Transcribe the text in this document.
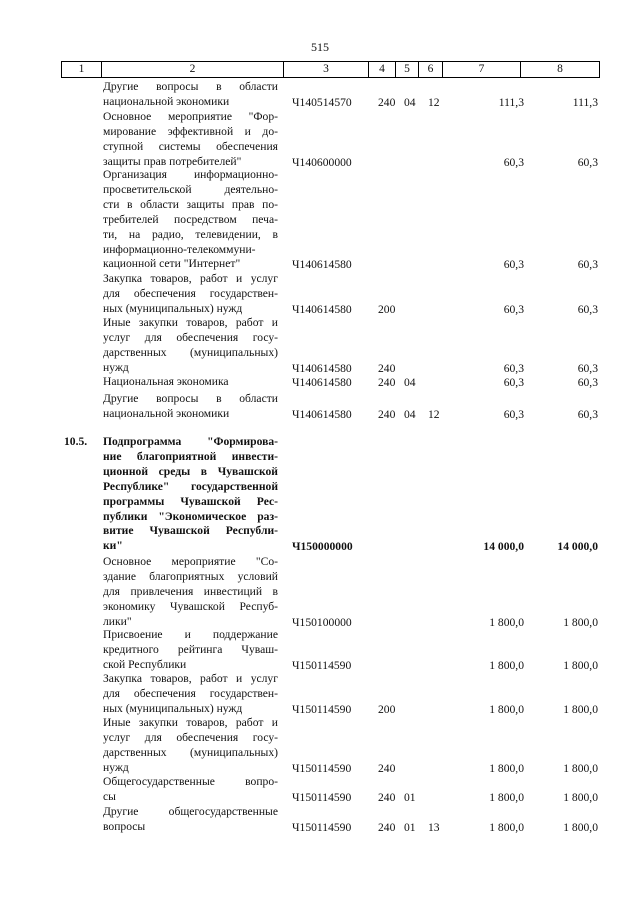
515
1	2	3	4	5	6	7	8
Другие вопросы в области
национальной экономики	Ч140514570 240 04 12	111,3	111,3
Основное мероприятие "Фор-
мирование эффективной и до-
ступной системы обеспечения
защиты прав потребителей"	Ч140600000	60,3	60,3
Организация информационно-
просветительской деятельно-
сти в области защиты прав по-
требителей посредством печа-
ти, на радио, телевидении, в
информационно-телекоммуни-
кационной сети "Интернет"	Ч140614580	60,3	60,3
Закупка товаров, работ и услуг
для обеспечения государствен-
ных (муниципальных) нужд	Ч140614580 200	60,3	60,3
Иные закупки товаров, работ и
услуг для обеспечения госу-
дарственных (муниципальных)
нужд	Ч140614580 240	60,3	60,3
Национальная экономика	Ч140614580 240 04	60,3	60,3
Другие вопросы в области
национальной экономики	Ч140614580 240 04 12	60,3	60,3
10.5.	Подпрограмма "Формирова-
ние благоприятной инвести-
ционной среды в Чувашской
Республике" государственной
программы Чувашской Рес-
публики "Экономическое раз-
витие Чувашской Республи-
ки"	Ч150000000	14 000,0	14 000,0
Основное мероприятие "Со-
здание благоприятных условий
для привлечения инвестиций в
экономику Чувашской Респуб-
лики"	Ч150100000	1 800,0	1 800,0
Присвоение и поддержание
кредитного рейтинга Чуваш-
ской Республики	Ч150114590	1 800,0	1 800,0
Закупка товаров, работ и услуг
для обеспечения государствен-
ных (муниципальных) нужд	Ч150114590 200	1 800,0	1 800,0
Иные закупки товаров, работ и
услуг для обеспечения госу-
дарственных (муниципальных)
нужд	Ч150114590 240	1 800,0	1 800,0
Общегосударственные вопро-
сы	Ч150114590 240 01	1 800,0	1 800,0
Другие общегосударственные
вопросы	Ч150114590 240 01 13	1 800,0	1 800,0
